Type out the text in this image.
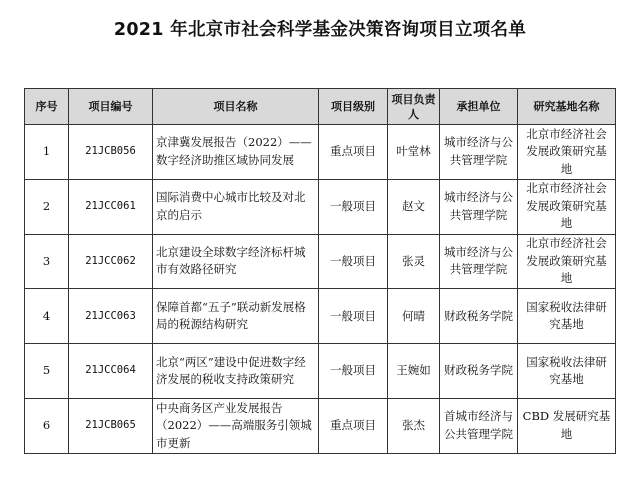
2021 年北京市社会科学基金决策咨询项目立项名单
序号	项目编号	项目名称	项目级别	项目负责人	承担单位	研究基地名称
1	21JCB056	京津冀发展报告（2022）——数字经济助推区域协同发展	重点项目	叶堂林	城市经济与公共管理学院	北京市经济社会发展政策研究基地
2	21JCC061	国际消费中心城市比较及对北京的启示	一般项目	赵文	城市经济与公共管理学院	北京市经济社会发展政策研究基地
3	21JCC062	北京建设全球数字经济标杆城市有效路径研究	一般项目	张灵	城市经济与公共管理学院	北京市经济社会发展政策研究基地
4	21JCC063	保障首都“五子”联动新发展格局的税源结构研究	一般项目	何晴	财政税务学院	国家税收法律研究基地
5	21JCC064	北京“两区”建设中促进数字经济发展的税收支持政策研究	一般项目	王婉如	财政税务学院	国家税收法律研究基地
6	21JCB065	中央商务区产业发展报告（2022）——高端服务引领城市更新	重点项目	张杰	首城市经济与公共管理学院	CBD 发展研究基地
